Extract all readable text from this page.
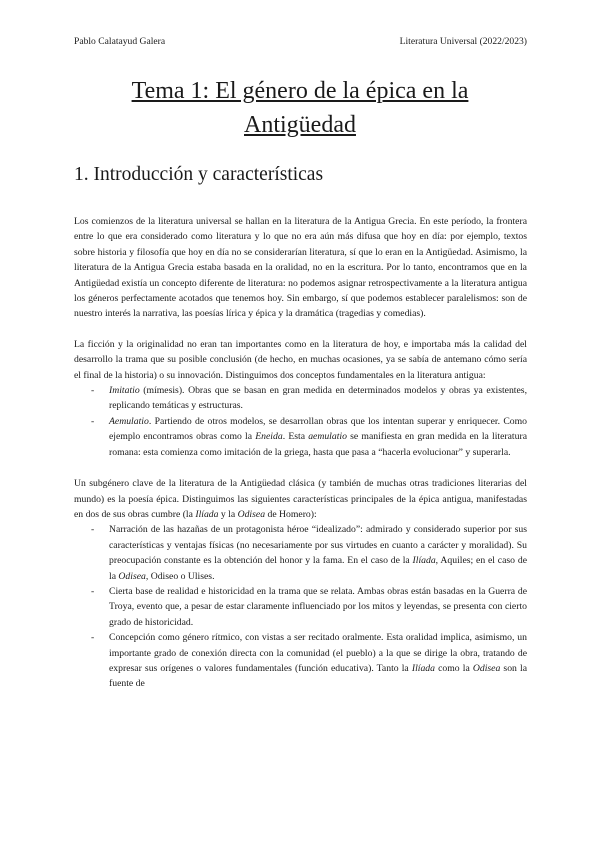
Pablo Calatayud Galera	Literatura Universal (2022/2023)
Tema 1: El género de la épica en la
Antigüedad
1. Introducción y características

Los comienzos de la literatura universal se hallan en la literatura de la Antigua Grecia. En este período, la frontera entre lo que era considerado como literatura y lo que no era aún más difusa que hoy en día: por ejemplo, textos sobre historia y filosofía que hoy en día no se considerarían literatura, sí que lo eran en la Antigüedad. Asimismo, la literatura de la Antigua Grecia estaba basada en la oralidad, no en la escritura. Por lo tanto, encontramos que en la Antigüedad existía un concepto diferente de literatura: no podemos asignar retrospectivamente a la literatura antigua los géneros perfectamente acotados que tenemos hoy. Sin embargo, sí que podemos establecer paralelismos: son de nuestro interés la narrativa, las poesías lírica y épica y la dramática (tragedias y comedias).

La ficción y la originalidad no eran tan importantes como en la literatura de hoy, e importaba más la calidad del desarrollo la trama que su posible conclusión (de hecho, en muchas ocasiones, ya se sabía de antemano cómo sería el final de la historia) o su innovación. Distinguimos dos conceptos fundamentales en la literatura antigua:

- Imitatio (mímesis). Obras que se basan en gran medida en determinados modelos y obras ya existentes, replicando temáticas y estructuras.
- Aemulatio. Partiendo de otros modelos, se desarrollan obras que los intentan superar y enriquecer. Como ejemplo encontramos obras como la Eneida. Esta aemulatio se manifiesta en gran medida en la literatura romana: esta comienza como imitación de la griega, hasta que pasa a “hacerla evolucionar” y superarla.

Un subgénero clave de la literatura de la Antigüedad clásica (y también de muchas otras tradiciones literarias del mundo) es la poesía épica. Distinguimos las siguientes características principales de la épica antigua, manifestadas en dos de sus obras cumbre (la Ilíada y la Odisea de Homero):

- Narración de las hazañas de un protagonista héroe “idealizado”: admirado y considerado superior por sus características y ventajas físicas (no necesariamente por sus virtudes en cuanto a carácter y moralidad). Su preocupación constante es la obtención del honor y la fama. En el caso de la Ilíada, Aquiles; en el caso de la Odisea, Odiseo o Ulises.
- Cierta base de realidad e historicidad en la trama que se relata. Ambas obras están basadas en la Guerra de Troya, evento que, a pesar de estar claramente influenciado por los mitos y leyendas, se presenta con cierto grado de historicidad.
- Concepción como género rítmico, con vistas a ser recitado oralmente. Esta oralidad implica, asimismo, un importante grado de conexión directa con la comunidad (el pueblo) a la que se dirige la obra, tratando de expresar sus orígenes o valores fundamentales (función educativa). Tanto la Ilíada como la Odisea son la fuente de
